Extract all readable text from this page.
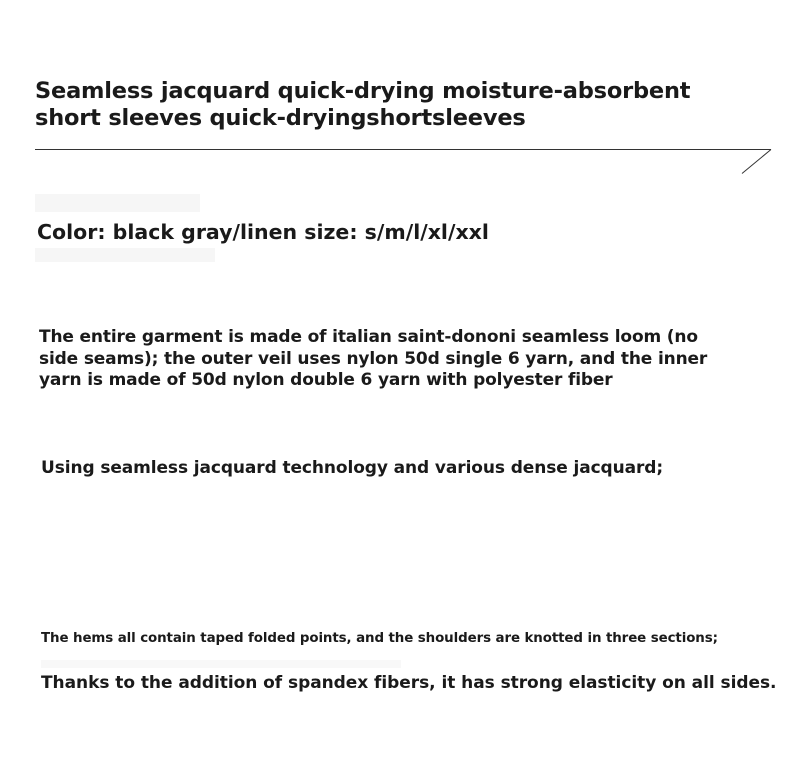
Seamless jacquard quick-drying moisture-absorbent
short sleeves quick-dryingshortsleeves

Color: black gray/linen size: s/m/l/xl/xxl

The entire garment is made of italian saint-dononi seamless loom (no side seams); the outer veil uses nylon 50d single 6 yarn, and the inner yarn is made of 50d nylon double 6 yarn with polyester fiber

Using seamless jacquard technology and various dense jacquard;

The hems all contain taped folded points, and the shoulders are knotted in three sections;

Thanks to the addition of spandex fibers, it has strong elasticity on all sides.
